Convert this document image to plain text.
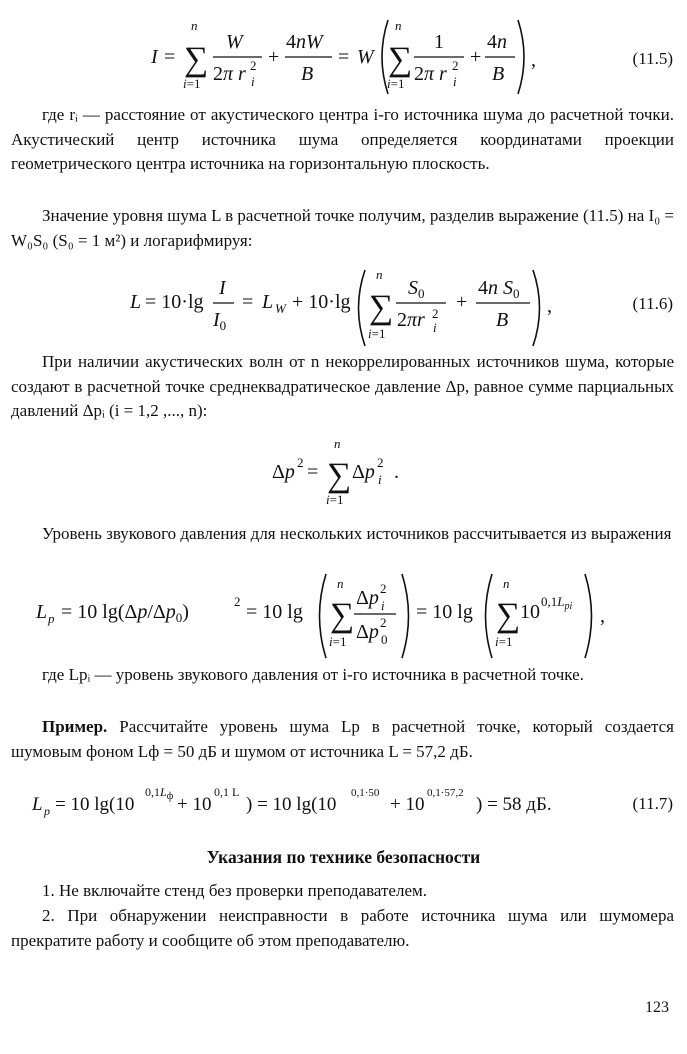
I = ∑
n
i=1
W
2π r 2
i
+
4nW
B
= W ∑
n
i=1
1
2π r 2
i
+
4n
B
,	(11.5)

где rᵢ — расстояние от акустического центра i-го источника шума до расчетной точки. Акустический центр источника шума определяется координатами проекции геометрического центра источника на горизонтальную плоскость.

Значение уровня шума L в расчетной точке получим, разделив выражение (11.5) на I₀ = W₀S₀ (S₀ = 1 м²) и логарифмируя:

L = 10·lg
I
$I_0$
= L W + 10·lg ∑
n
i=1
$S_0$
2πr 2
i
+
4n $S_0$
B
,	(11.6)

При наличии акустических волн от n некоррелированных источников шума, которые создают в расчетной точке среднеквадратическое давление Δp, равное сумме парциальных давлений Δpᵢ (i = 1,2 ,..., n):

Δp 2 = ∑
n
i=1
Δp 2
i .

Уровень звукового давления для нескольких источников рассчитывается из выражения

L p = 10 $\lg(\Delta p/\Delta p_0)$	2 = 10 lg ∑
n
i=1
Δp 2
i
Δp 2
0
= 10 lg ∑
n
i=1
10 $0,1L_{pi}$ ,

где Lpᵢ — уровень звукового давления от i-го источника в расчетной точке.

Пример. Рассчитайте уровень шума Lp в расчетной точке, который создается шумовым фоном Lф = 50 дБ и шумом от источника L = 57,2 дБ.

L p = 10 lg(10
$0,1L_ф + 10$
0,1 L
) = 10 lg(10
0,1·50
+ 10
0,1·57,2
) = 58 дБ.	(11.7)
Указания по технике безопасности

1. Не включайте стенд без проверки преподавателем.

2. При обнаружении неисправности в работе источника шума или шумомера прекратите работу и сообщите об этом преподавателю.

123
